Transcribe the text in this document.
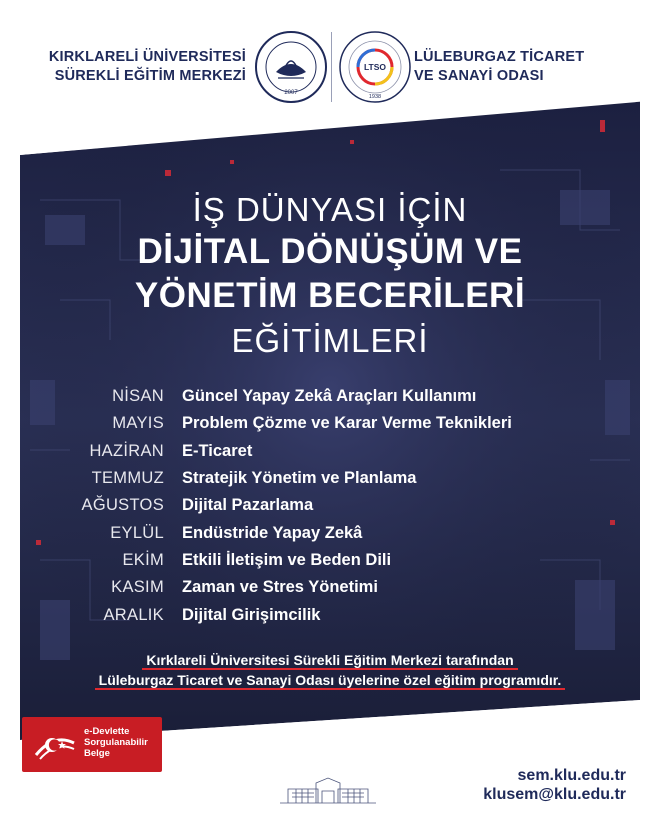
KIRKLARELİ ÜNİVERSİTESİ
SÜREKLİ EĞİTİM MERKEZİ
2007
LTSO
1938
LÜLEBURGAZ TİCARET
VE SANAYİ ODASI
İŞ DÜNYASI İÇİN
DİJİTAL DÖNÜŞÜM VE
YÖNETİM BECERİLERİ
EĞİTİMLERİ
NİSAN	Güncel Yapay Zekâ Araçları Kullanımı
MAYIS	Problem Çözme ve Karar Verme Teknikleri
HAZİRAN	E-Ticaret
TEMMUZ	Stratejik Yönetim ve Planlama
AĞUSTOS	Dijital Pazarlama
EYLÜL	Endüstride Yapay Zekâ
EKİM	Etkili İletişim ve Beden Dili
KASIM	Zaman ve Stres Yönetimi
ARALIK	Dijital Girişimcilik
Kırklareli Üniversitesi Sürekli Eğitim Merkezi tarafından
Lüleburgaz Ticaret ve Sanayi Odası üyelerine özel eğitim programıdır.
e-Devlette
Sorgulanabilir
Belge
sem.klu.edu.tr
klusem@klu.edu.tr
